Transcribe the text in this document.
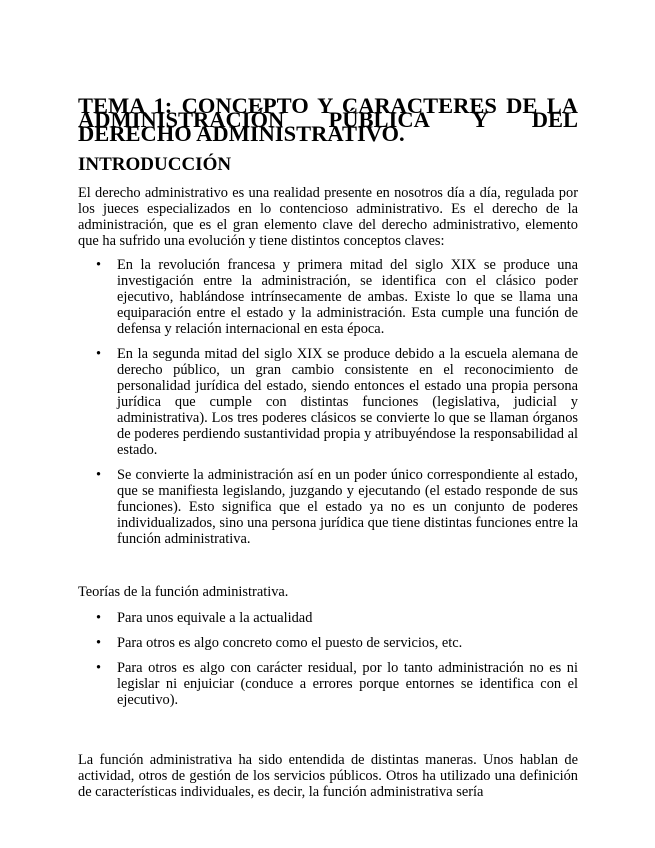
TEMA 1: CONCEPTO Y CARACTERES DE LA ADMINISTRACIÓN PÚBLICA Y DEL DERECHO ADMINISTRATIVO.
INTRODUCCIÓN

El derecho administrativo es una realidad presente en nosotros día a día, regulada por los jueces especializados en lo contencioso administrativo. Es el derecho de la administración, que es el gran elemento clave del derecho administrativo, elemento que ha sufrido una evolución y tiene distintos conceptos claves:

• En la revolución francesa y primera mitad del siglo XIX se produce una investigación entre la administración, se identifica con el clásico poder ejecutivo, hablándose intrínsecamente de ambas. Existe lo que se llama una equiparación entre el estado y la administración. Esta cumple una función de defensa y relación internacional en esta época.
• En la segunda mitad del siglo XIX se produce debido a la escuela alemana de derecho público, un gran cambio consistente en el reconocimiento de personalidad jurídica del estado, siendo entonces el estado una propia persona jurídica que cumple con distintas funciones (legislativa, judicial y administrativa). Los tres poderes clásicos se convierte lo que se llaman órganos de poderes perdiendo sustantividad propia y atribuyéndose la responsabilidad al estado.
• Se convierte la administración así en un poder único correspondiente al estado, que se manifiesta legislando, juzgando y ejecutando (el estado responde de sus funciones). Esto significa que el estado ya no es un conjunto de poderes individualizados, sino una persona jurídica que tiene distintas funciones entre la función administrativa.

Teorías de la función administrativa.

• Para unos equivale a la actualidad
• Para otros es algo concreto como el puesto de servicios, etc.
• Para otros es algo con carácter residual, por lo tanto administración no es ni legislar ni enjuiciar (conduce a errores porque entornes se identifica con el ejecutivo).

La función administrativa ha sido entendida de distintas maneras. Unos hablan de actividad, otros de gestión de los servicios públicos. Otros ha utilizado una definición de características individuales, es decir, la función administrativa sería
